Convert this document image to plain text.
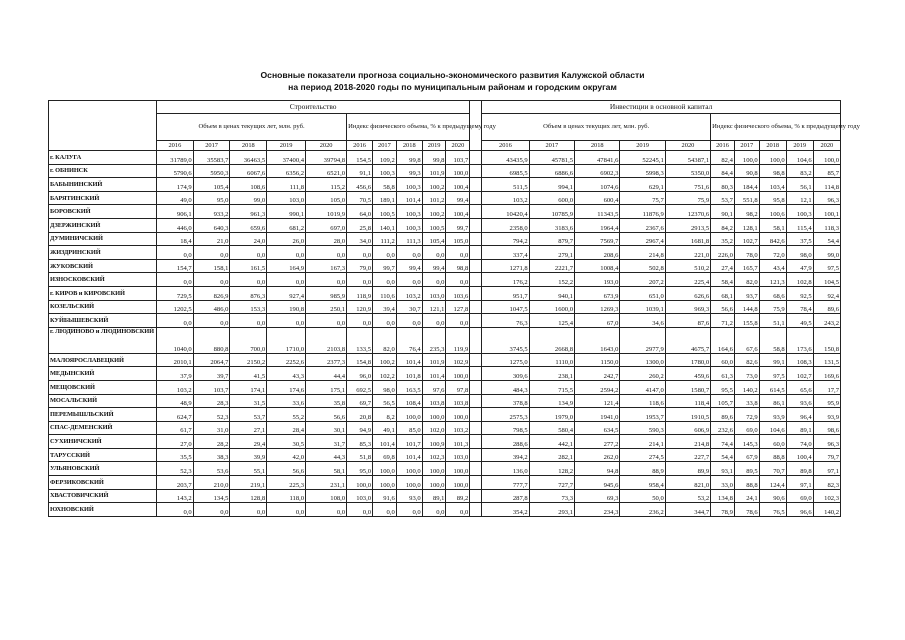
Основные показатели прогноза социально-экономического развития Калужской области
на период 2018-2020 годы по муниципальным районам и городским округам
	Строительство											Инвестиции в основной капитал									
	Объем в ценах текущих лет, млн. руб.					Индекс физического объема, % к предыдущему году						Объем в ценах текущих лет, млн. руб.					Индекс физического объема, % к предыдущему году				
	2016	2017	2018	2019	2020	2016	2017	2018	2019	2020		2016	2017	2018	2019	2020	2016	2017	2018	2019	2020
г. КАЛУГА	31789,0	35583,7	36463,5	37400,4	39794,8	154,5	109,2	99,8	99,8	103,7		43435,9	45781,5	47841,6	52245,1	54387,1	82,4	100,0	100,0	104,6	100,0
г. ОБНИНСК	5790,6	5950,3	6067,6	6356,2	6521,0	91,1	100,3	99,3	101,9	100,0		6985,5	6886,6	6902,3	5998,3	5350,0	84,4	90,8	98,8	83,2	85,7
БАБЫНИНСКИЙ	174,9	105,4	108,6	111,8	115,2	456,6	58,8	100,3	100,2	100,4		511,5	994,1	1074,6	629,1	751,6	80,3	184,4	103,4	56,1	114,8
БАРЯТИНСКИЙ	49,0	95,0	99,0	103,0	105,0	70,5	189,1	101,4	101,2	99,4		103,2	600,0	600,4	75,7	75,9	53,7	551,8	95,8	12,1	96,3
БОРОВСКИЙ	906,1	933,2	961,3	990,1	1019,9	64,0	100,5	100,3	100,2	100,4		10420,4	10785,9	11343,5	11876,9	12370,6	90,1	98,2	100,6	100,3	100,1
ДЗЕРЖИНСКИЙ	446,0	640,3	659,6	681,2	697,0	25,8	140,1	100,3	100,5	99,7		2358,0	3183,6	1964,4	2367,6	2913,5	84,2	128,1	58,1	115,4	118,3
ДУМИНИЧСКИЙ	18,4	21,0	24,0	26,0	28,0	34,0	111,2	111,3	105,4	105,0		794,2	879,7	7569,7	2967,4	1681,8	35,2	102,7	842,6	37,5	54,4
ЖИЗДРИНСКИЙ	0,0	0,0	0,0	0,0	0,0	0,0	0,0	0,0	0,0	0,0		337,4	279,1	208,6	214,8	221,0	226,0	78,0	72,0	98,0	99,0
ЖУКОВСКИЙ	154,7	158,1	161,5	164,9	167,3	79,0	99,7	99,4	99,4	98,8		1271,8	2221,7	1008,4	502,8	510,2	27,4	165,7	43,4	47,9	97,5
ИЗНОСКОВСКИЙ	0,0	0,0	0,0	0,0	0,0	0,0	0,0	0,0	0,0	0,0		176,2	152,2	193,0	207,2	225,4	58,4	82,0	121,3	102,8	104,5
г. КИРОВ и КИРОВСКИЙ	729,5	826,9	876,3	927,4	985,9	118,9	110,6	103,2	103,0	103,6		951,7	940,1	673,9	651,0	626,6	68,1	93,7	68,6	92,5	92,4
КОЗЕЛЬСКИЙ	1202,5	486,0	153,3	190,8	250,1	120,9	39,4	30,7	121,1	127,8		1047,5	1600,0	1269,3	1039,1	969,3	56,6	144,8	75,9	78,4	89,6
КУЙБЫШЕВСКИЙ	0,0	0,0	0,0	0,0	0,0	0,0	0,0	0,0	0,0	0,0		76,3	125,4	67,0	34,6	87,6	71,2	155,8	51,1	49,5	243,2
г. ЛЮДИНОВО и ЛЮДИНОВСКИЙ	1040,0	880,8	700,0	1710,0	2103,8	133,5	82,0	76,4	235,3	119,9		3745,5	2668,8	1643,0	2977,9	4675,7	164,6	67,6	58,8	173,6	150,8
МАЛОЯРОСЛАВЕЦКИЙ	2010,1	2064,7	2150,2	2252,6	2377,3	154,8	100,2	101,4	101,9	102,9		1275,0	1110,0	1150,0	1300,0	1780,0	60,0	82,6	99,1	108,3	131,5
МЕДЫНСКИЙ	37,9	39,7	41,5	43,3	44,4	96,0	102,2	101,8	101,4	100,0		309,6	238,1	242,7	260,2	459,6	61,3	73,0	97,5	102,7	169,6
МЕЩОВСКИЙ	103,2	103,7	174,1	174,6	175,1	692,5	98,0	163,5	97,6	97,8		484,3	715,5	2594,2	4147,0	1580,7	95,5	140,2	614,5	65,6	17,7
МОСАЛЬСКИЙ	48,9	28,3	31,5	33,6	35,8	69,7	56,5	108,4	103,8	103,8		378,8	134,9	121,4	118,6	118,4	105,7	33,8	86,1	93,6	95,9
ПЕРЕМЫШЛЬСКИЙ	624,7	52,3	53,7	55,2	56,6	20,8	8,2	100,0	100,0	100,0		2575,3	1979,0	1941,0	1953,7	1910,5	89,6	72,9	93,9	96,4	93,9
СПАС-ДЕМЕНСКИЙ	61,7	31,0	27,1	28,4	30,1	94,9	49,1	85,0	102,0	103,2		798,5	580,4	634,5	590,3	606,9	232,6	69,0	104,6	89,1	98,6
СУХИНИЧСКИЙ	27,0	28,2	29,4	30,5	31,7	85,3	101,4	101,7	100,9	101,3		288,6	442,1	277,2	214,1	214,8	74,4	145,3	60,0	74,0	96,3
ТАРУССКИЙ	35,5	38,3	39,9	42,0	44,3	51,8	69,8	101,4	102,3	103,0		394,2	282,1	262,0	274,5	227,7	54,4	67,9	88,8	100,4	79,7
УЛЬЯНОВСКИЙ	52,3	53,6	55,1	56,6	58,1	95,0	100,0	100,0	100,0	100,0		136,0	128,2	94,8	88,9	89,9	93,1	89,5	70,7	89,8	97,1
ФЕРЗИКОВСКИЙ	203,7	210,0	219,1	225,3	231,1	100,0	100,0	100,0	100,0	100,0		777,7	727,7	945,6	958,4	821,0	33,0	88,8	124,4	97,1	82,3
ХВАСТОВИЧСКИЙ	143,2	134,5	128,8	118,0	108,0	103,0	91,6	93,0	89,1	89,2		287,8	73,3	69,3	50,0	53,2	134,8	24,1	90,6	69,0	102,3
ЮХНОВСКИЙ	0,0	0,0	0,0	0,0	0,0	0,0	0,0	0,0	0,0	0,0		354,2	293,1	234,3	236,2	344,7	78,9	78,6	76,5	96,6	140,2
